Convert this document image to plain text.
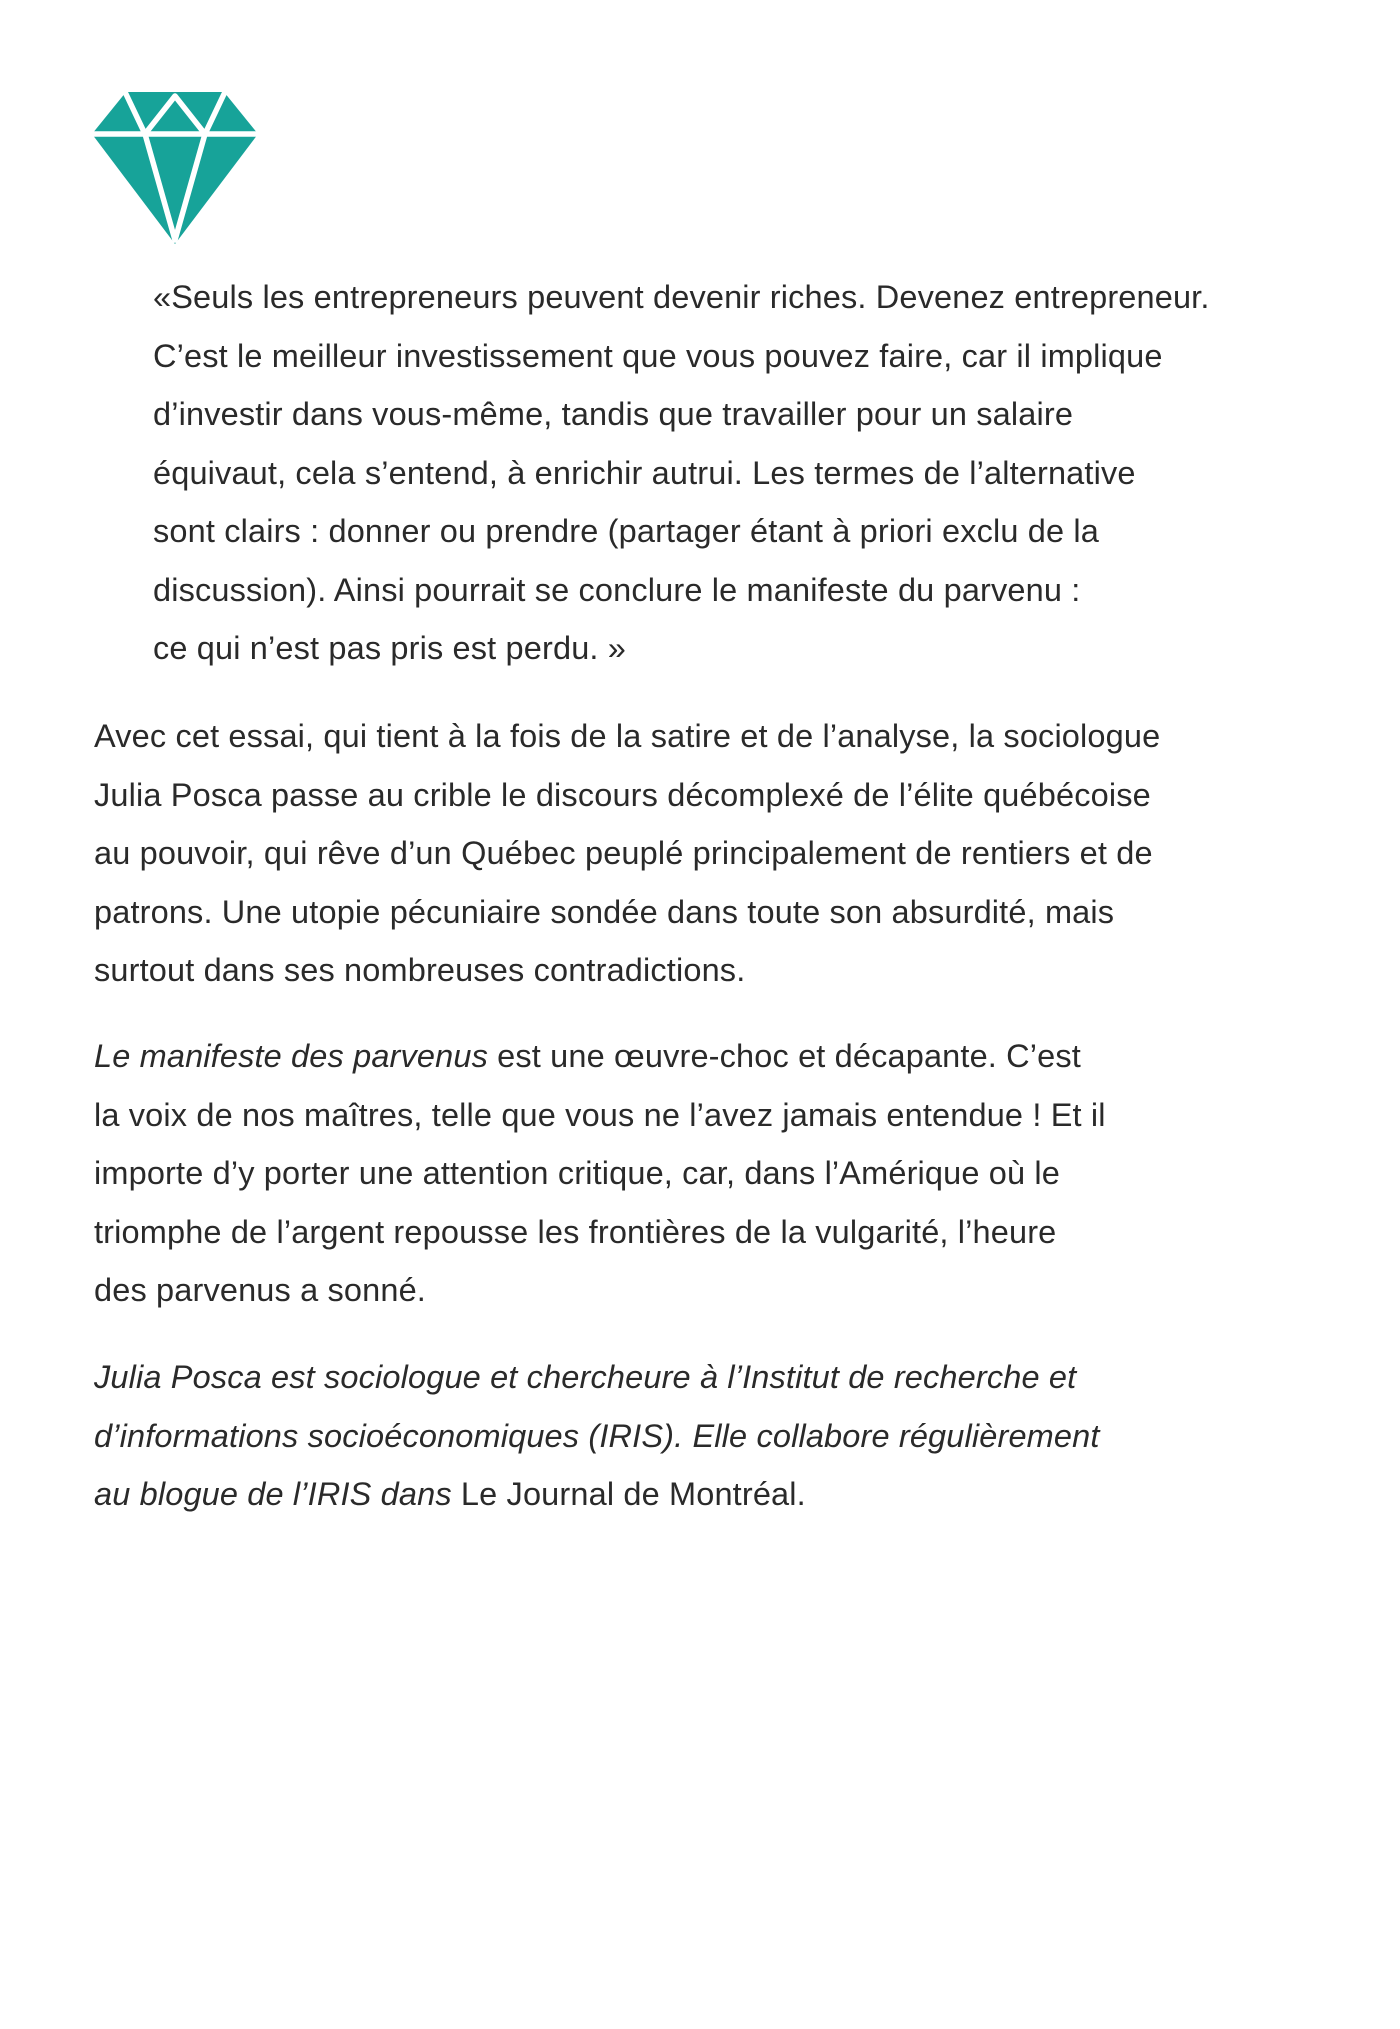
«Seuls les entrepreneurs peuvent devenir riches. Devenez entrepreneur.
C’est le meilleur investissement que vous pouvez faire, car il implique
d’investir dans vous-même, tandis que travailler pour un salaire
équivaut, cela s’entend, à enrichir autrui. Les termes de l’alternative
sont clairs : donner ou prendre (partager étant à priori exclu de la
discussion). Ainsi pourrait se conclure le manifeste du parvenu :
ce qui n’est pas pris est perdu. »
Avec cet essai, qui tient à la fois de la satire et de l’analyse, la sociologue
Julia Posca passe au crible le discours décomplexé de l’élite québécoise
au pouvoir, qui rêve d’un Québec peuplé principalement de rentiers et de
patrons. Une utopie pécuniaire sondée dans toute son absurdité, mais
surtout dans ses nombreuses contradictions.
Le manifeste des parvenus est une œuvre-choc et décapante. C’est
la voix de nos maîtres, telle que vous ne l’avez jamais entendue ! Et il
importe d’y porter une attention critique, car, dans l’Amérique où le
triomphe de l’argent repousse les frontières de la vulgarité, l’heure
des parvenus a sonné.
Julia Posca est sociologue et chercheure à l’Institut de recherche et
d’informations socioéconomiques (IRIS). Elle collabore régulièrement
au blogue de l’IRIS dans Le Journal de Montréal.
